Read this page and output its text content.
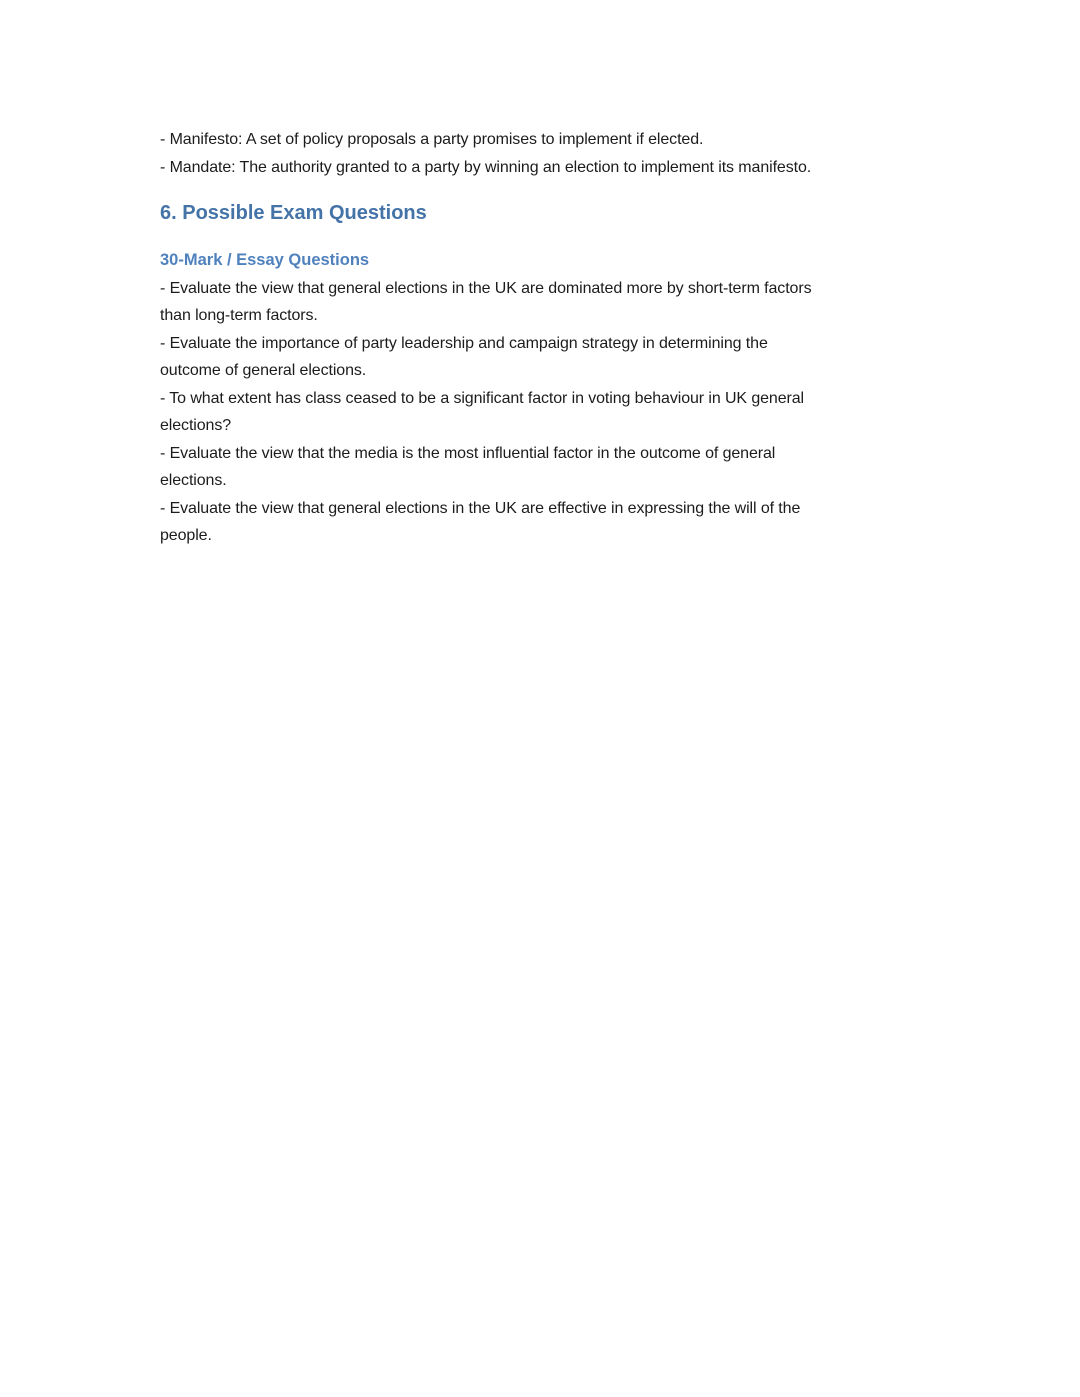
- Manifesto: A set of policy proposals a party promises to implement if elected.
- Mandate: The authority granted to a party by winning an election to implement its manifesto.
6. Possible Exam Questions
30-Mark / Essay Questions
- Evaluate the view that general elections in the UK are dominated more by short-term factors
than long-term factors.
- Evaluate the importance of party leadership and campaign strategy in determining the
outcome of general elections.
- To what extent has class ceased to be a significant factor in voting behaviour in UK general
elections?
- Evaluate the view that the media is the most influential factor in the outcome of general
elections.
- Evaluate the view that general elections in the UK are effective in expressing the will of the
people.
